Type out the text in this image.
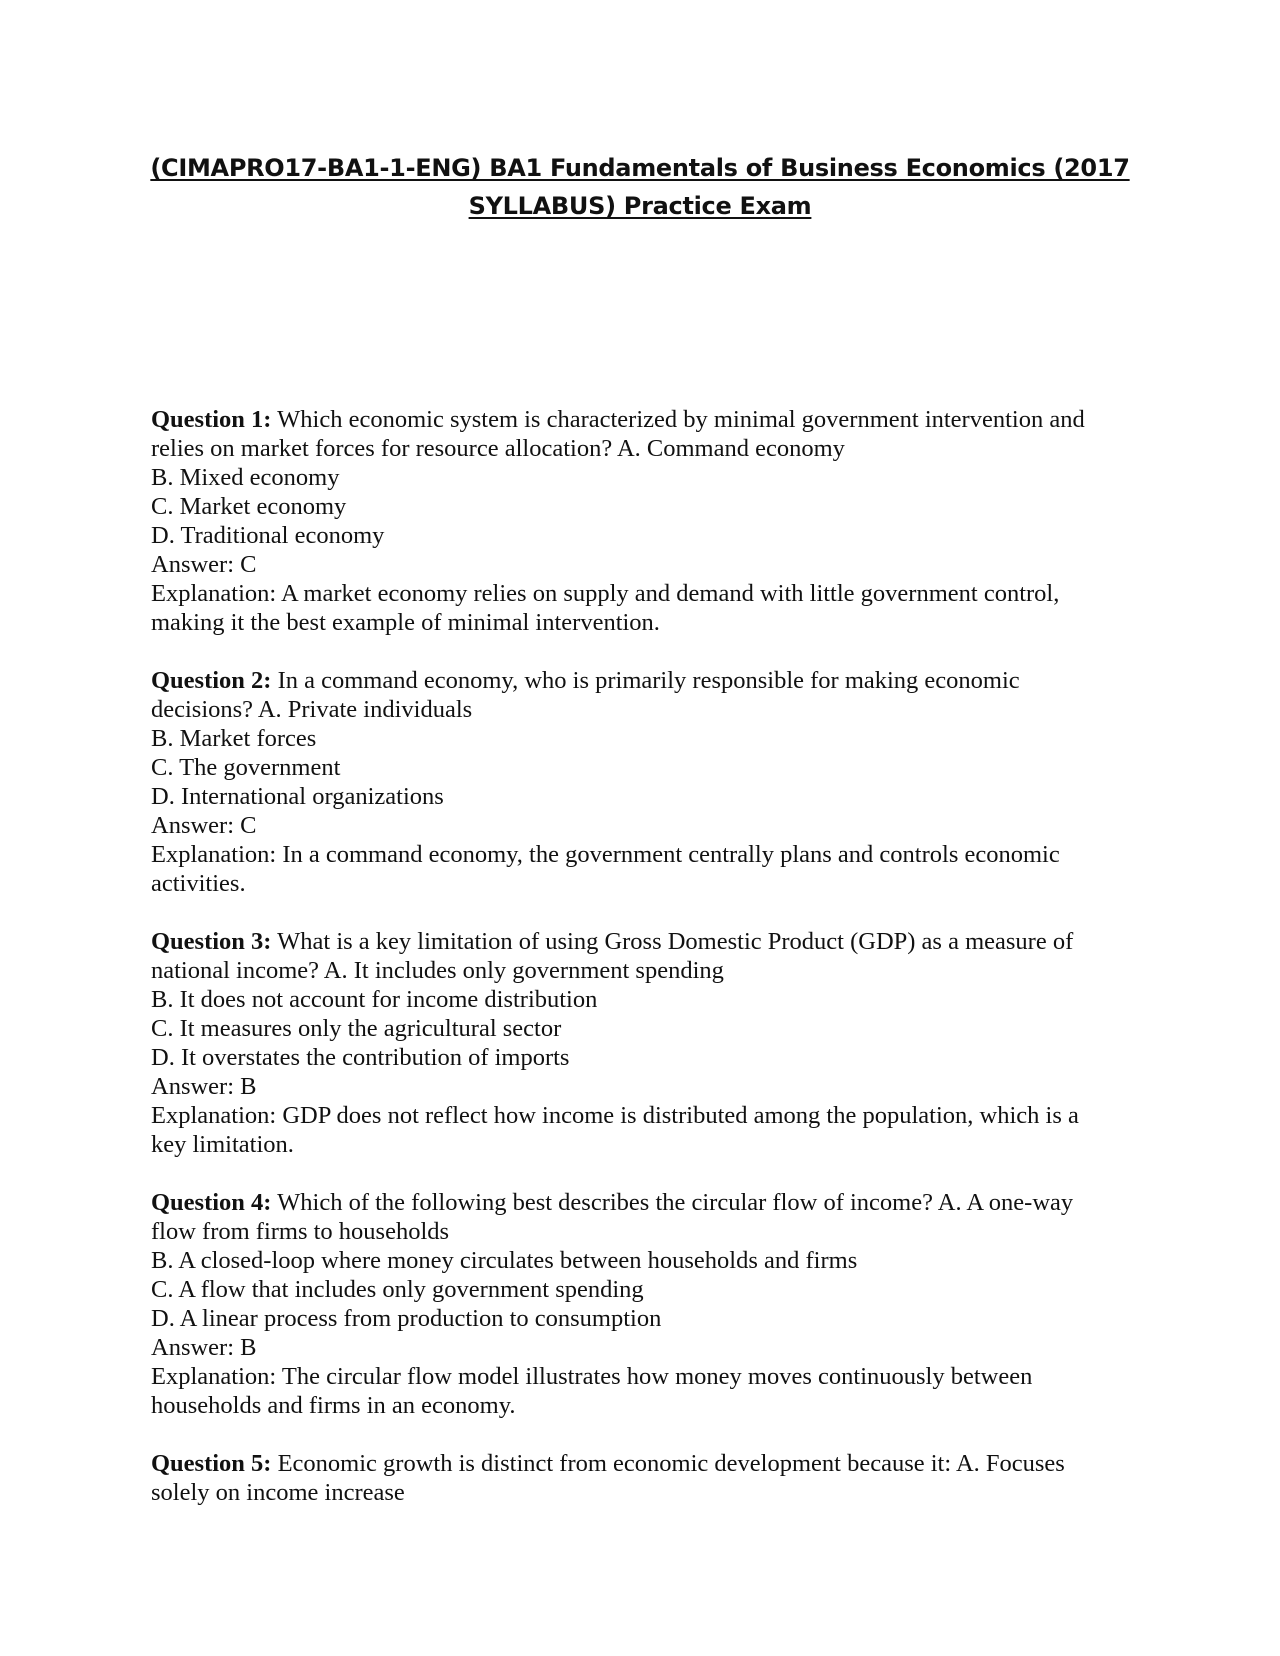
(CIMAPRO17-BA1-1-ENG) BA1 Fundamentals of Business Economics (2017
SYLLABUS) Practice Exam
Question 1: Which economic system is characterized by minimal government intervention and
relies on market forces for resource allocation? A. Command economy
B. Mixed economy
C. Market economy
D. Traditional economy
Answer: C
Explanation: A market economy relies on supply and demand with little government control,
making it the best example of minimal intervention.
Question 2: In a command economy, who is primarily responsible for making economic
decisions? A. Private individuals
B. Market forces
C. The government
D. International organizations
Answer: C
Explanation: In a command economy, the government centrally plans and controls economic
activities.
Question 3: What is a key limitation of using Gross Domestic Product (GDP) as a measure of
national income? A. It includes only government spending
B. It does not account for income distribution
C. It measures only the agricultural sector
D. It overstates the contribution of imports
Answer: B
Explanation: GDP does not reflect how income is distributed among the population, which is a
key limitation.
Question 4: Which of the following best describes the circular flow of income? A. A one-way
flow from firms to households
B. A closed-loop where money circulates between households and firms
C. A flow that includes only government spending
D. A linear process from production to consumption
Answer: B
Explanation: The circular flow model illustrates how money moves continuously between
households and firms in an economy.
Question 5: Economic growth is distinct from economic development because it: A. Focuses
solely on income increase
